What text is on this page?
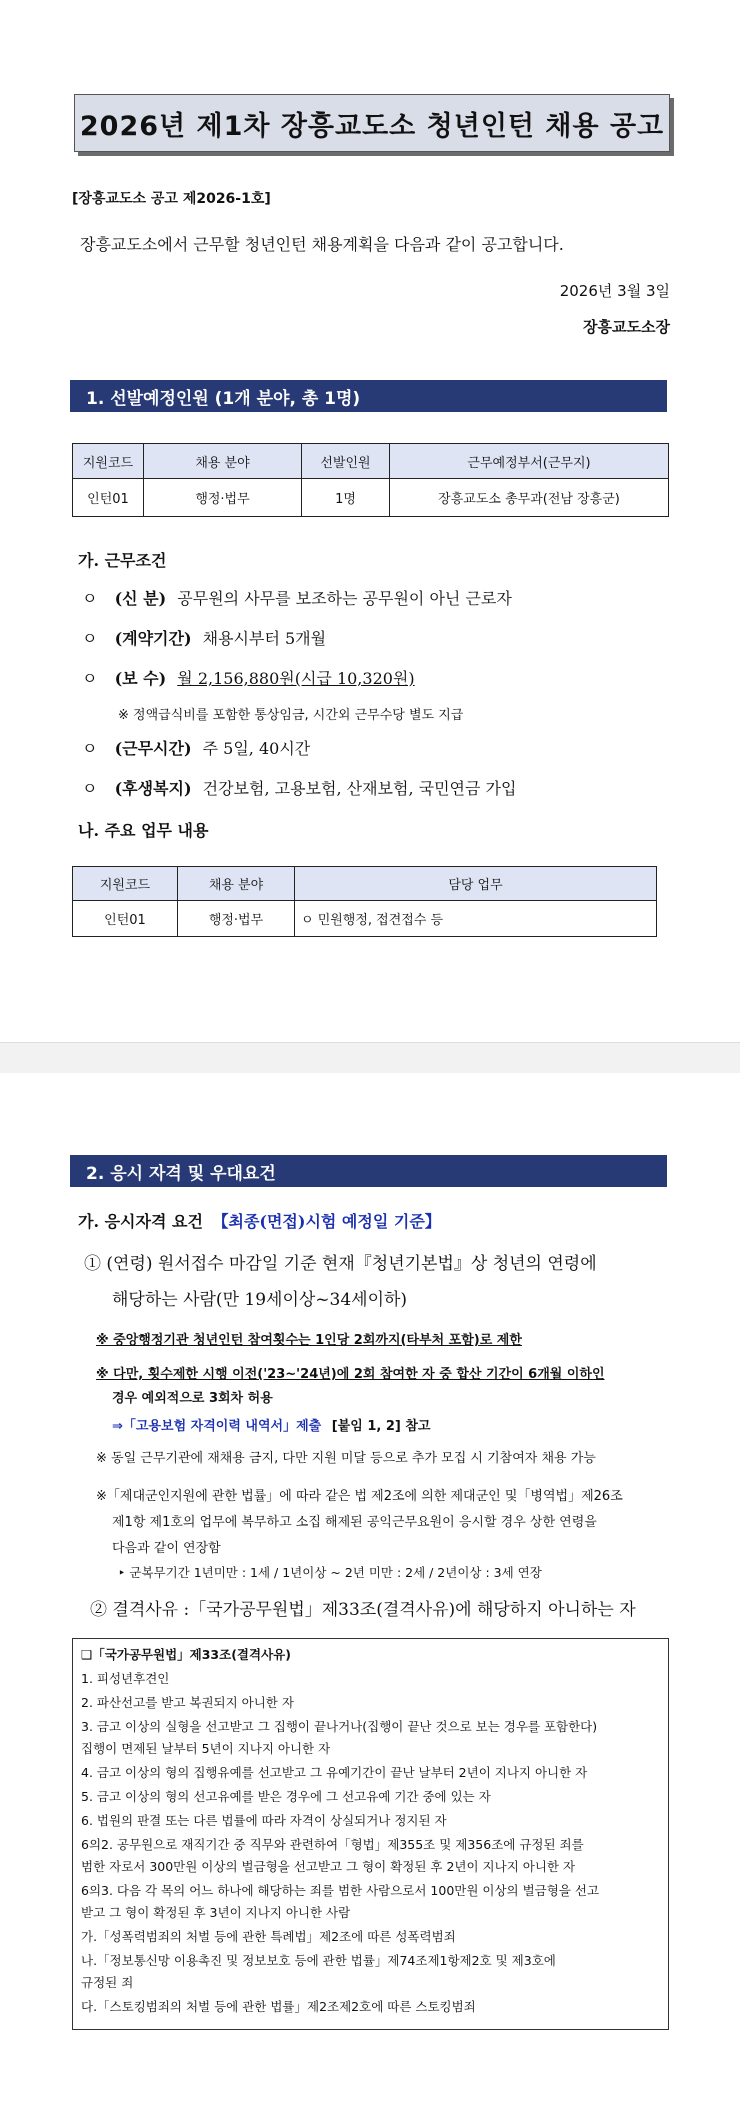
2026년 제1차 장흥교도소 청년인턴 채용 공고
[장흥교도소 공고 제2026-1호]
장흥교도소에서 근무할 청년인턴 채용계획을 다음과 같이 공고합니다.
2026년 3월 3일
장흥교도소장
1. 선발예정인원 (1개 분야, 총 1명)
지원코드	채용 분야	선발인원	근무예정부서(근무지)
인턴01	행정·법무	1명	장흥교도소 총무과(전남 장흥군)
가. 근무조건
ㅇ (신 분) 공무원의 사무를 보조하는 공무원이 아닌 근로자
ㅇ (계약기간) 채용시부터 5개월
ㅇ (보 수) 월 2,156,880원(시급 10,320원)
※ 정액급식비를 포함한 통상임금, 시간외 근무수당 별도 지급
ㅇ (근무시간) 주 5일, 40시간
ㅇ (후생복지) 건강보험, 고용보험, 산재보험, 국민연금 가입
나. 주요 업무 내용
지원코드	채용 분야	담당 업무
인턴01	행정·법무	ㅇ 민원행정, 접견접수 등
2. 응시 자격 및 우대요건
가. 응시자격 요건 【최종(면접)시험 예정일 기준】
① (연령) 원서접수 마감일 기준 현재『청년기본법』상 청년의 연령에
해당하는 사람(만 19세이상~34세이하)
※ 중앙행정기관 청년인턴 참여횟수는 1인당 2회까지(타부처 포함)로 제한
※ 다만, 횟수제한 시행 이전('23~'24년)에 2회 참여한 자 중 합산 기간이 6개월 이하인
경우 예외적으로 3회차 허용
⇒「고용보험 자격이력 내역서」제출 [붙임 1, 2] 참고
※ 동일 근무기관에 재채용 금지, 다만 지원 미달 등으로 추가 모집 시 기참여자 채용 가능
※「제대군인지원에 관한 법률」에 따라 같은 법 제2조에 의한 제대군인 및「병역법」제26조
제1항 제1호의 업무에 복무하고 소집 해제된 공익근무요원이 응시할 경우 상한 연령을
다음과 같이 연장함
‣ 군복무기간 1년미만 : 1세 / 1년이상 ~ 2년 미만 : 2세 / 2년이상 : 3세 연장
② 결격사유 :「국가공무원법」제33조(결격사유)에 해당하지 아니하는 자
❑「국가공무원법」제33조(결격사유)
1. 피성년후견인
2. 파산선고를 받고 복권되지 아니한 자
3. 금고 이상의 실형을 선고받고 그 집행이 끝나거나(집행이 끝난 것으로 보는 경우를 포함한다)
집행이 면제된 날부터 5년이 지나지 아니한 자
4. 금고 이상의 형의 집행유예를 선고받고 그 유예기간이 끝난 날부터 2년이 지나지 아니한 자
5. 금고 이상의 형의 선고유예를 받은 경우에 그 선고유예 기간 중에 있는 자
6. 법원의 판결 또는 다른 법률에 따라 자격이 상실되거나 정지된 자
6의2. 공무원으로 재직기간 중 직무와 관련하여「형법」제355조 및 제356조에 규정된 죄를
범한 자로서 300만원 이상의 벌금형을 선고받고 그 형이 확정된 후 2년이 지나지 아니한 자
6의3. 다음 각 목의 어느 하나에 해당하는 죄를 범한 사람으로서 100만원 이상의 벌금형을 선고
받고 그 형이 확정된 후 3년이 지나지 아니한 사람
가.「성폭력범죄의 처벌 등에 관한 특례법」제2조에 따른 성폭력범죄
나.「정보통신망 이용촉진 및 정보보호 등에 관한 법률」제74조제1항제2호 및 제3호에
규정된 죄
다.「스토킹범죄의 처벌 등에 관한 법률」제2조제2호에 따른 스토킹범죄
